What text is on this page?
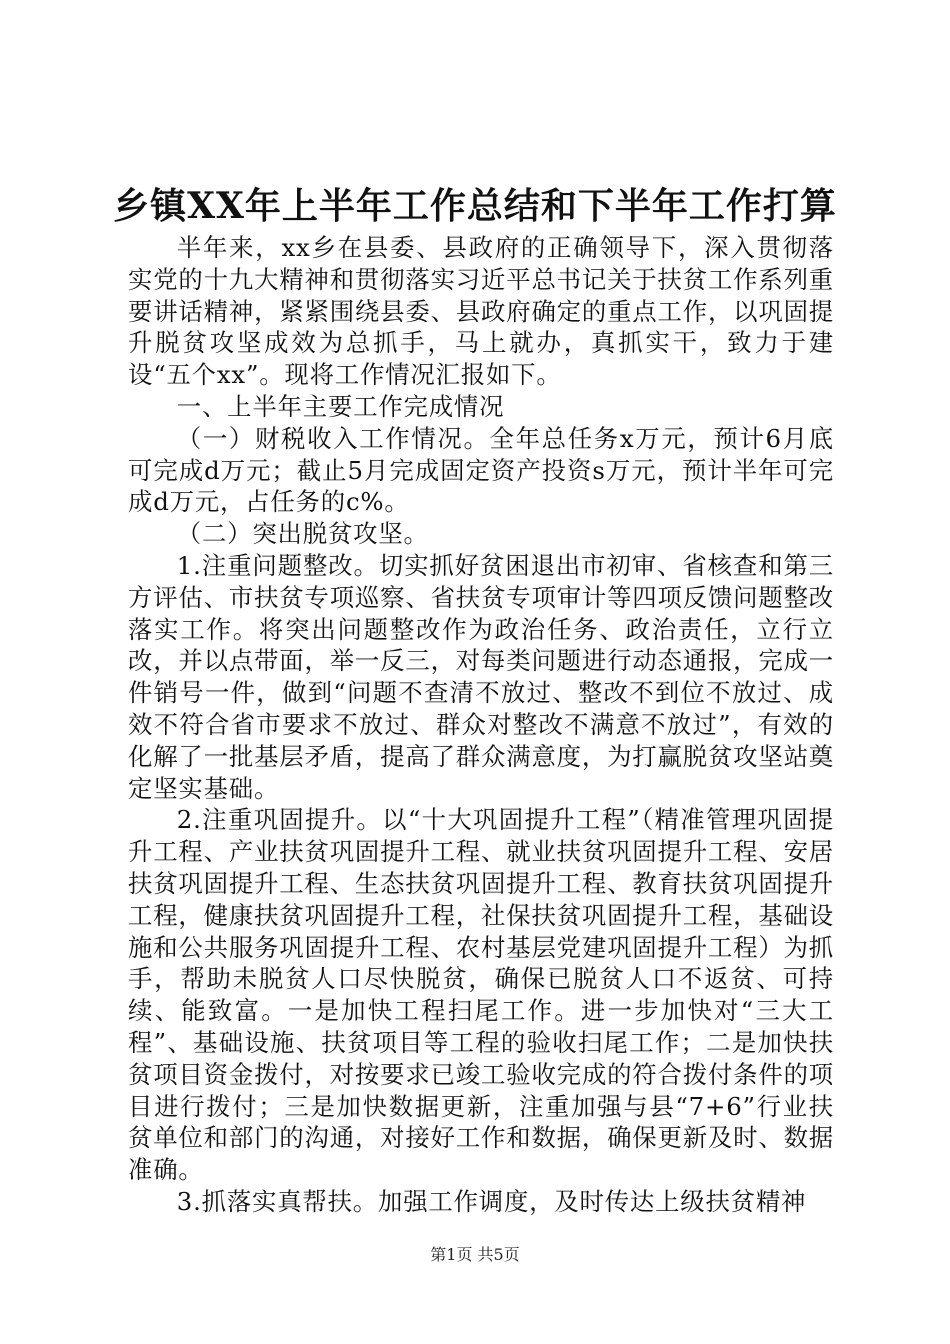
乡镇XX年上半年工作总结和下半年工作打算

半年来，xx乡在县委、县政府的正确领导下，深入贯彻落实党的十九大精神和贯彻落实习近平总书记关于扶贫工作系列重要讲话精神，紧紧围绕县委、县政府确定的重点工作，以巩固提升脱贫攻坚成效为总抓手，马上就办，真抓实干，致力于建设“五个xx”。现将工作情况汇报如下。

一、上半年主要工作完成情况

（一）财税收入工作情况。全年总任务x万元，预计6月底可完成d万元；截止5月完成固定资产投资s万元，预计半年可完成d万元，占任务的c%。

（二）突出脱贫攻坚。

1.注重问题整改。切实抓好贫困退出市初审、省核查和第三方评估、市扶贫专项巡察、省扶贫专项审计等四项反馈问题整改落实工作。将突出问题整改作为政治任务、政治责任，立行立改，并以点带面，举一反三，对每类问题进行动态通报，完成一件销号一件，做到“问题不查清不放过、整改不到位不放过、成效不符合省市要求不放过、群众对整改不满意不放过”，有效的化解了一批基层矛盾，提高了群众满意度，为打赢脱贫攻坚站奠定坚实基础。

2.注重巩固提升。以“十大巩固提升工程”（精准管理巩固提升工程、产业扶贫巩固提升工程、就业扶贫巩固提升工程、安居扶贫巩固提升工程、生态扶贫巩固提升工程、教育扶贫巩固提升工程，健康扶贫巩固提升工程，社保扶贫巩固提升工程，基础设施和公共服务巩固提升工程、农村基层党建巩固提升工程）为抓手，帮助未脱贫人口尽快脱贫，确保已脱贫人口不返贫、可持续、能致富。一是加快工程扫尾工作。进一步加快对“三大工程”、基础设施、扶贫项目等工程的验收扫尾工作；二是加快扶贫项目资金拨付，对按要求已竣工验收完成的符合拨付条件的项目进行拨付；三是加快数据更新，注重加强与县“7+6”行业扶贫单位和部门的沟通，对接好工作和数据，确保更新及时、数据准确。

3.抓落实真帮扶。加强工作调度，及时传达上级扶贫精神

第1页 共5页
